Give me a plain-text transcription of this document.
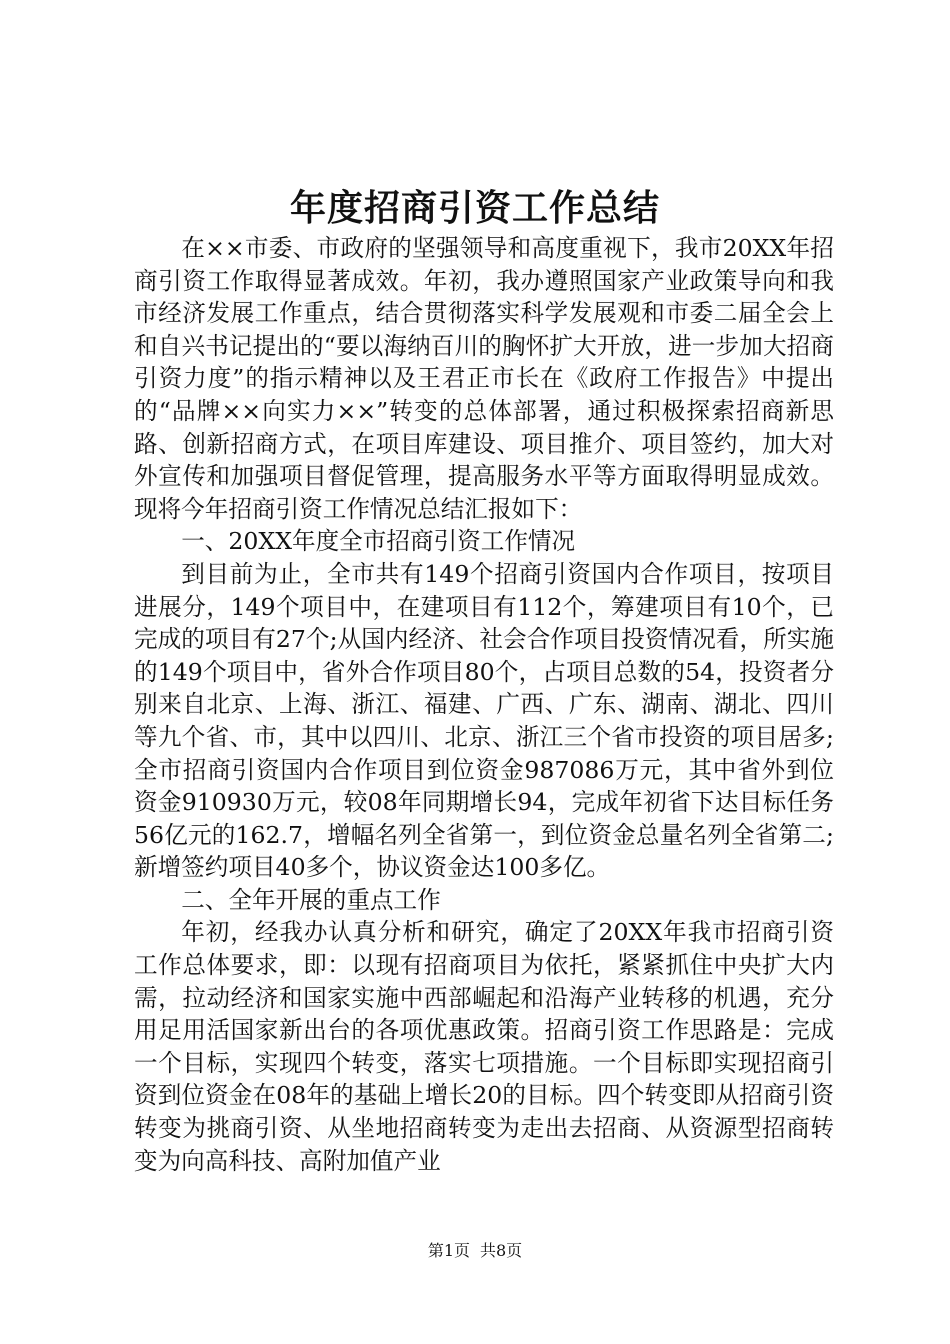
年度招商引资工作总结

在××市委、市政府的坚强领导和高度重视下，我市20XX年招商引资工作取得显著成效。年初，我办遵照国家产业政策导向和我市经济发展工作重点，结合贯彻落实科学发展观和市委二届全会上和自兴书记提出的“要以海纳百川的胸怀扩大开放，进一步加大招商引资力度”的指示精神以及王君正市长在《政府工作报告》中提出的“品牌××向实力××”转变的总体部署，通过积极探索招商新思路、创新招商方式，在项目库建设、项目推介、项目签约，加大对外宣传和加强项目督促管理，提高服务水平等方面取得明显成效。现将今年招商引资工作情况总结汇报如下：

一、20XX年度全市招商引资工作情况

到目前为止，全市共有149个招商引资国内合作项目，按项目进展分，149个项目中，在建项目有112个，筹建项目有10个，已完成的项目有27个;从国内经济、社会合作项目投资情况看，所实施的149个项目中，省外合作项目80个，占项目总数的54，投资者分别来自北京、上海、浙江、福建、广西、广东、湖南、湖北、四川等九个省、市，其中以四川、北京、浙江三个省市投资的项目居多;全市招商引资国内合作项目到位资金987086万元，其中省外到位资金910930万元，较08年同期增长94，完成年初省下达目标任务56亿元的162.7，增幅名列全省第一，到位资金总量名列全省第二;新增签约项目40多个，协议资金达100多亿。

二、全年开展的重点工作

年初，经我办认真分析和研究，确定了20XX年我市招商引资工作总体要求，即：以现有招商项目为依托，紧紧抓住中央扩大内需，拉动经济和国家实施中西部崛起和沿海产业转移的机遇，充分用足用活国家新出台的各项优惠政策。招商引资工作思路是：完成一个目标，实现四个转变，落实七项措施。一个目标即实现招商引资到位资金在08年的基础上增长20的目标。四个转变即从招商引资转变为挑商引资、从坐地招商转变为走出去招商、从资源型招商转变为向高科技、高附加值产业

第1页 共8页
